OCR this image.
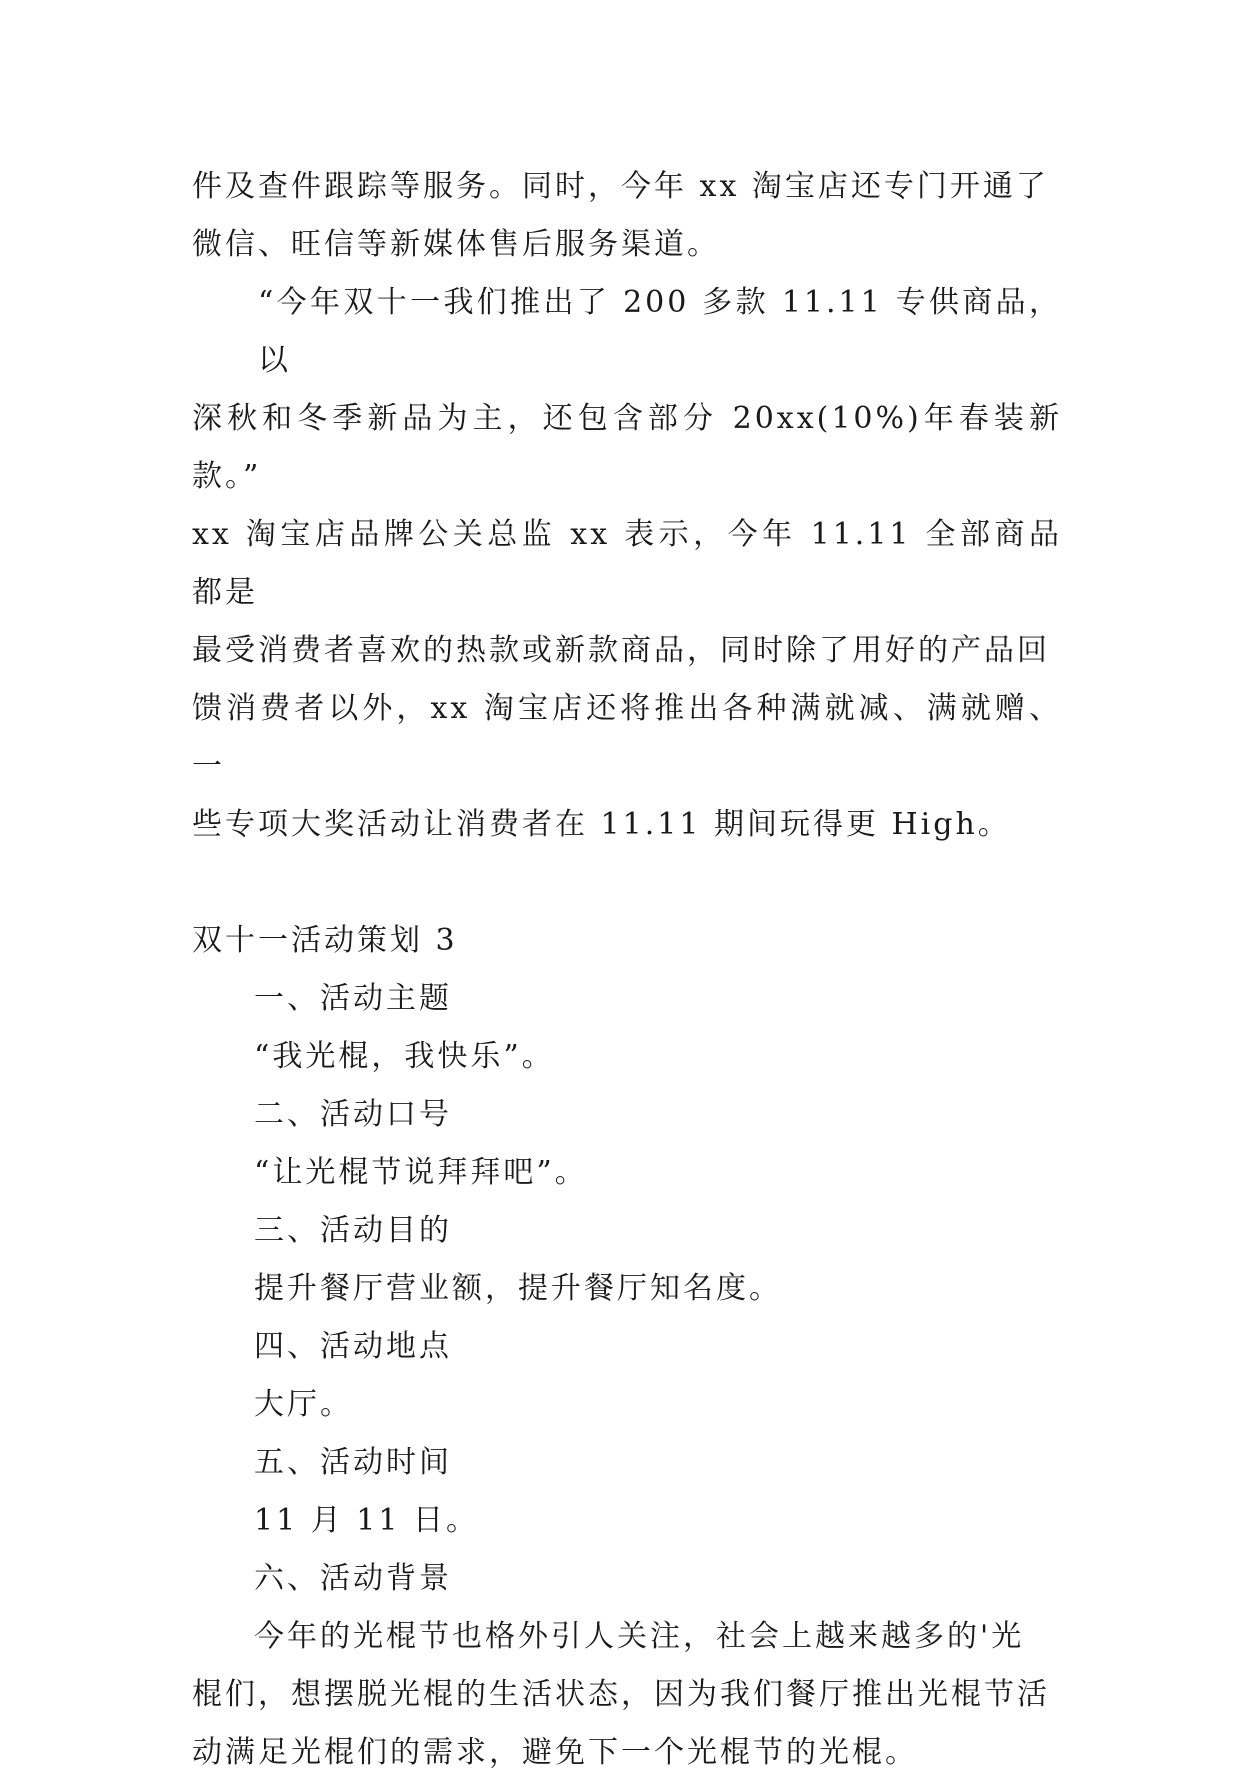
件及查件跟踪等服务。同时，今年 xx 淘宝店还专门开通了
微信、旺信等新媒体售后服务渠道。
“今年双十一我们推出了 200 多款 11.11 专供商品，以
深秋和冬季新品为主，还包含部分 20xx(10%)年春装新款。”
xx 淘宝店品牌公关总监 xx 表示，今年 11.11 全部商品都是
最受消费者喜欢的热款或新款商品，同时除了用好的产品回
馈消费者以外，xx 淘宝店还将推出各种满就减、满就赠、一
些专项大奖活动让消费者在 11.11 期间玩得更 High。
双十一活动策划 3
一、活动主题
“我光棍，我快乐”。
二、活动口号
“让光棍节说拜拜吧”。
三、活动目的
提升餐厅营业额，提升餐厅知名度。
四、活动地点
大厅。
五、活动时间
11 月 11 日。
六、活动背景
今年的光棍节也格外引人关注，社会上越来越多的'光
棍们，想摆脱光棍的生活状态，因为我们餐厅推出光棍节活
动满足光棍们的需求，避免下一个光棍节的光棍。
